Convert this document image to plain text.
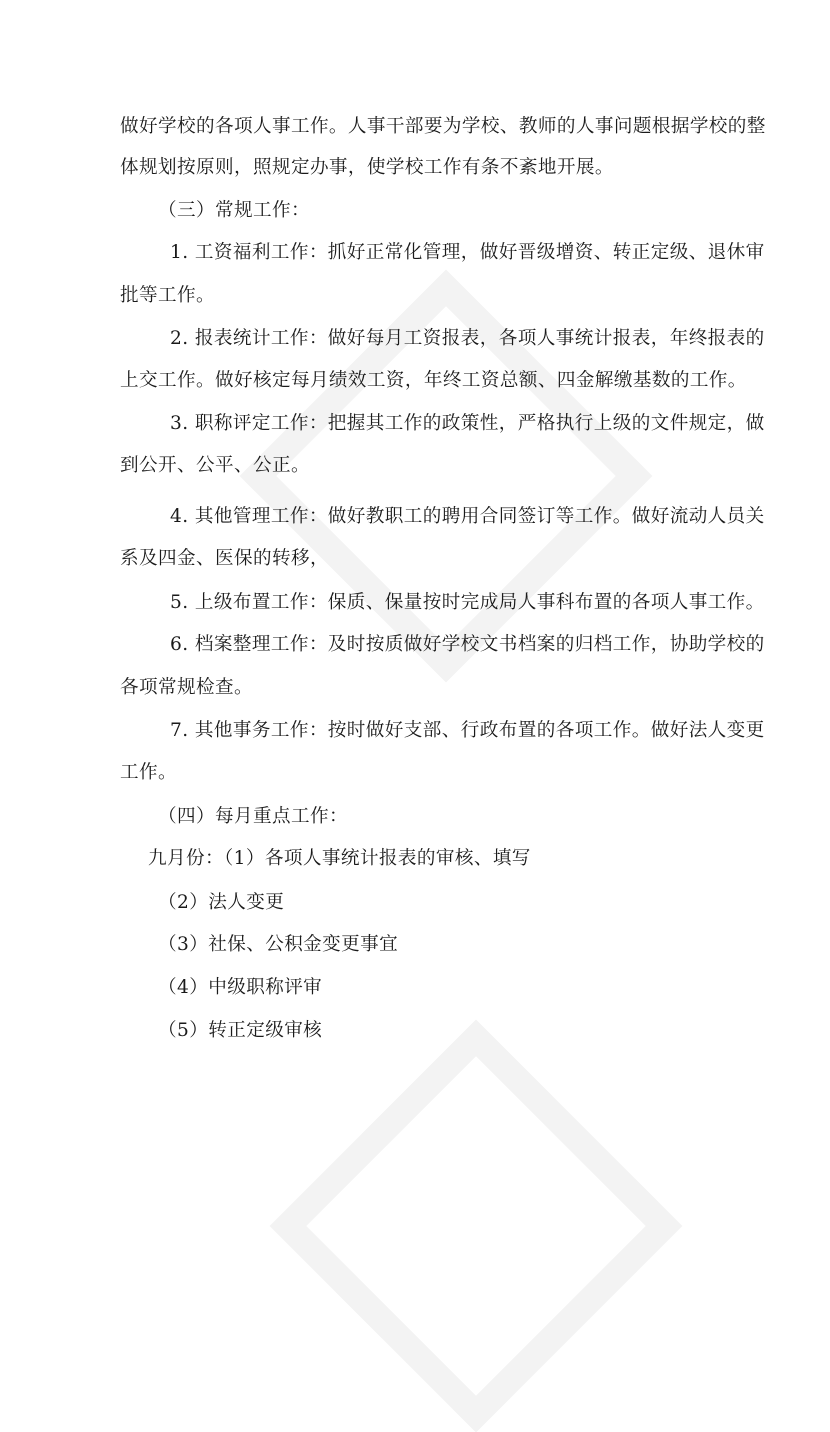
做好学校的各项人事工作。人事干部要为学校、教师的人事问题根据学校的整
体规划按原则，照规定办事，使学校工作有条不紊地开展。
（三）常规工作：
1. 工资福利工作：抓好正常化管理，做好晋级增资、转正定级、退休审
批等工作。
2. 报表统计工作：做好每月工资报表，各项人事统计报表，年终报表的
上交工作。做好核定每月绩效工资，年终工资总额、四金解缴基数的工作。
3. 职称评定工作：把握其工作的政策性，严格执行上级的文件规定，做
到公开、公平、公正。
4. 其他管理工作：做好教职工的聘用合同签订等工作。做好流动人员关
系及四金、医保的转移，
5. 上级布置工作：保质、保量按时完成局人事科布置的各项人事工作。
6. 档案整理工作：及时按质做好学校文书档案的归档工作，协助学校的
各项常规检查。
7. 其他事务工作：按时做好支部、行政布置的各项工作。做好法人变更
工作。
（四）每月重点工作：
九月份：（1）各项人事统计报表的审核、填写
（2）法人变更
（3）社保、公积金变更事宜
（4）中级职称评审
（5）转正定级审核
